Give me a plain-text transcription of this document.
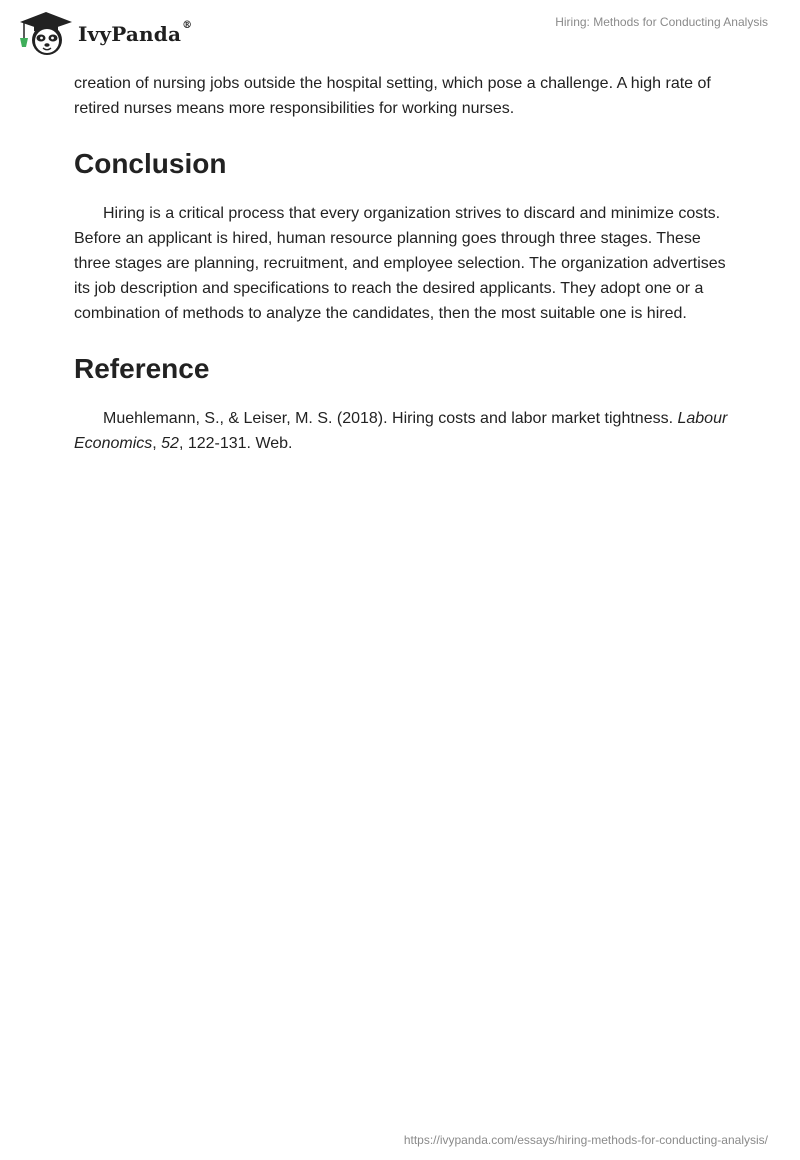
IvyPanda®	Hiring: Methods for Conducting Analysis

creation of nursing jobs outside the hospital setting, which pose a challenge. A high rate of retired nurses means more responsibilities for working nurses.

Conclusion

Hiring is a critical process that every organization strives to discard and minimize costs. Before an applicant is hired, human resource planning goes through three stages. These three stages are planning, recruitment, and employee selection. The organization advertises its job description and specifications to reach the desired applicants. They adopt one or a combination of methods to analyze the candidates, then the most suitable one is hired.

Reference

Muehlemann, S., & Leiser, M. S. (2018). Hiring costs and labor market tightness. Labour Economics, 52, 122-131. Web.

https://ivypanda.com/essays/hiring-methods-for-conducting-analysis/
